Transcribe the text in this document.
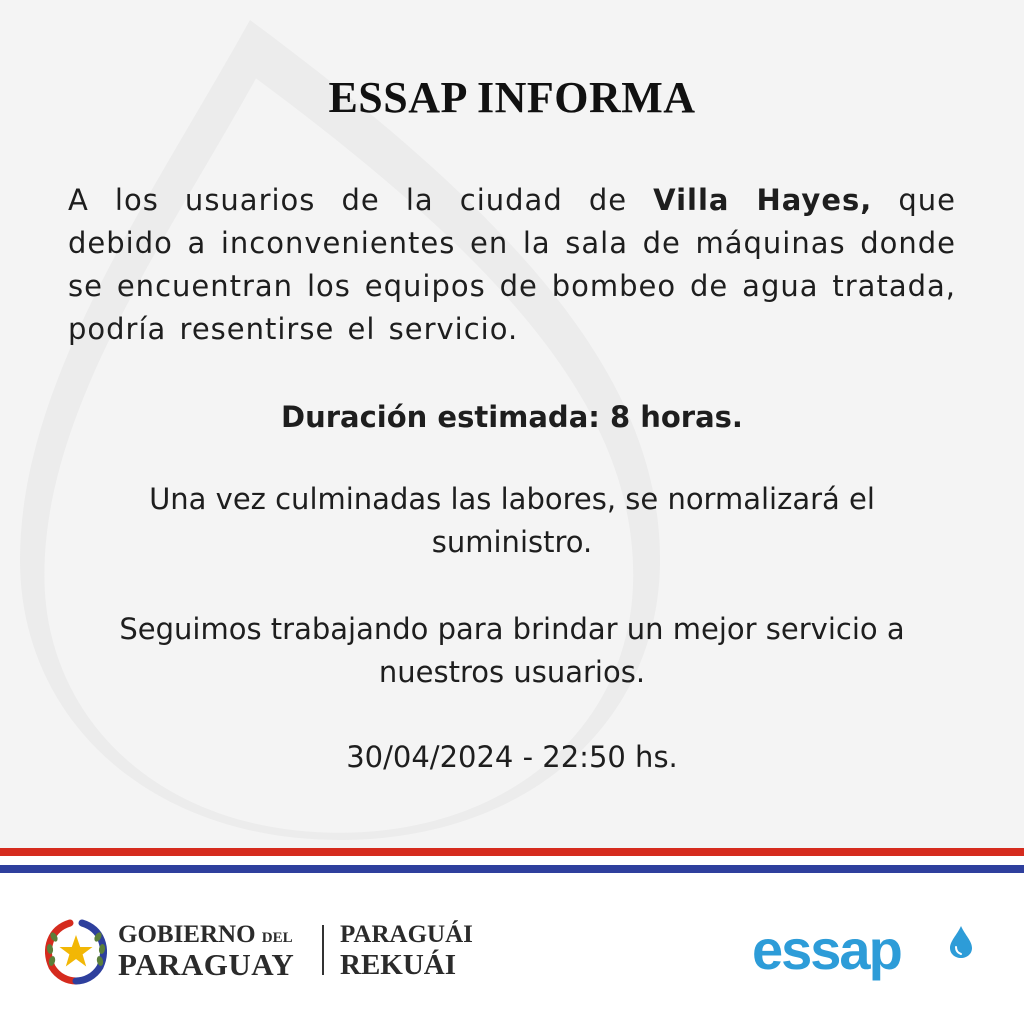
ESSAP INFORMA
A los usuarios de la ciudad de Villa Hayes, que debido a inconvenientes en la sala de máquinas donde se encuentran los equipos de bombeo de agua tratada, podría resentirse el servicio.
Duración estimada: 8 horas.
Una vez culminadas las labores, se normalizará el suministro.
Seguimos trabajando para brindar un mejor servicio a nuestros usuarios.
30/04/2024 - 22:50 hs.
GOBIERNO DEL
PARAGUAY
PARAGUÁI
REKUÁI	essap
